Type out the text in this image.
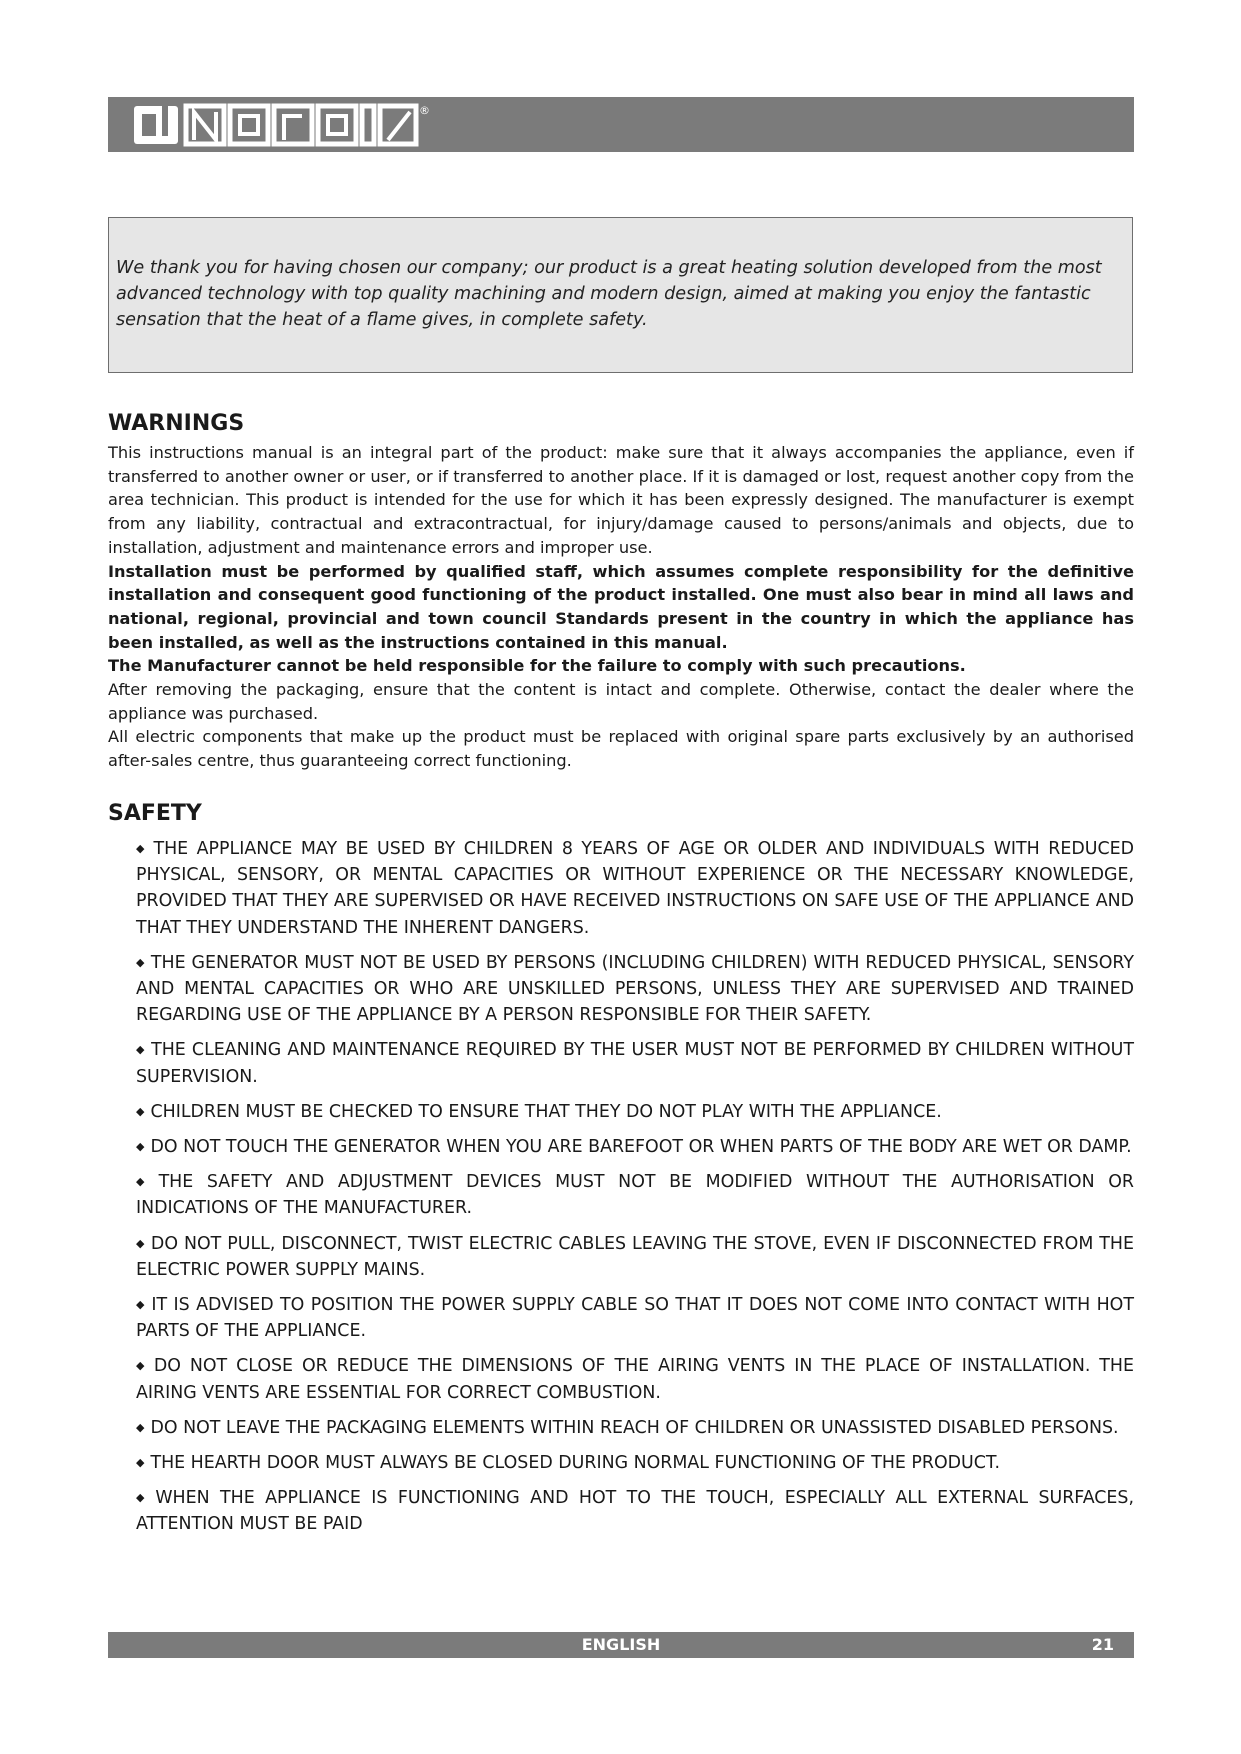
®
We thank you for having chosen our company; our product is a great heating solution developed from the most advanced technology with top quality machining and modern design, aimed at making you enjoy the fantastic sensation that the heat of a flame gives, in complete safety.
WARNINGS

This instructions manual is an integral part of the product: make sure that it always accompanies the appliance, even if transferred to another owner or user, or if transferred to another place. If it is damaged or lost, request another copy from the area technician. This product is intended for the use for which it has been expressly designed. The manufacturer is exempt from any liability, contractual and extracontractual, for injury/damage caused to persons/animals and objects, due to installation, adjustment and maintenance errors and improper use.

Installation must be performed by qualified staff, which assumes complete responsibility for the definitive installation and consequent good functioning of the product installed. One must also bear in mind all laws and national, regional, provincial and town council Standards present in the country in which the appliance has been installed, as well as the instructions contained in this manual.

The Manufacturer cannot be held responsible for the failure to comply with such precautions.

After removing the packaging, ensure that the content is intact and complete. Otherwise, contact the dealer where the appliance was purchased.

All electric components that make up the product must be replaced with original spare parts exclusively by an authorised after-sales centre, thus guaranteeing correct functioning.

SAFETY
◆ THE APPLIANCE MAY BE USED BY CHILDREN 8 YEARS OF AGE OR OLDER AND INDIVIDUALS WITH REDUCED PHYSICAL, SENSORY, OR MENTAL CAPACITIES OR WITHOUT EXPERIENCE OR THE NECESSARY KNOWLEDGE, PROVIDED THAT THEY ARE SUPERVISED OR HAVE RECEIVED INSTRUCTIONS ON SAFE USE OF THE APPLIANCE AND THAT THEY UNDERSTAND THE INHERENT DANGERS.
◆ THE GENERATOR MUST NOT BE USED BY PERSONS (INCLUDING CHILDREN) WITH REDUCED PHYSICAL, SENSORY AND MENTAL CAPACITIES OR WHO ARE UNSKILLED PERSONS, UNLESS THEY ARE SUPERVISED AND TRAINED REGARDING USE OF THE APPLIANCE BY A PERSON RESPONSIBLE FOR THEIR SAFETY.
◆ THE CLEANING AND MAINTENANCE REQUIRED BY THE USER MUST NOT BE PERFORMED BY CHILDREN WITHOUT SUPERVISION.
◆ CHILDREN MUST BE CHECKED TO ENSURE THAT THEY DO NOT PLAY WITH THE APPLIANCE.
◆ DO NOT TOUCH THE GENERATOR WHEN YOU ARE BAREFOOT OR WHEN PARTS OF THE BODY ARE WET OR DAMP.
◆ THE SAFETY AND ADJUSTMENT DEVICES MUST NOT BE MODIFIED WITHOUT THE AUTHORISATION OR INDICATIONS OF THE MANUFACTURER.
◆ DO NOT PULL, DISCONNECT, TWIST ELECTRIC CABLES LEAVING THE STOVE, EVEN IF DISCONNECTED FROM THE ELECTRIC POWER SUPPLY MAINS.
◆ IT IS ADVISED TO POSITION THE POWER SUPPLY CABLE SO THAT IT DOES NOT COME INTO CONTACT WITH HOT PARTS OF THE APPLIANCE.
◆ DO NOT CLOSE OR REDUCE THE DIMENSIONS OF THE AIRING VENTS IN THE PLACE OF INSTALLATION. THE AIRING VENTS ARE ESSENTIAL FOR CORRECT COMBUSTION.
◆ DO NOT LEAVE THE PACKAGING ELEMENTS WITHIN REACH OF CHILDREN OR UNASSISTED DISABLED PERSONS.
◆ THE HEARTH DOOR MUST ALWAYS BE CLOSED DURING NORMAL FUNCTIONING OF THE PRODUCT.
◆ WHEN THE APPLIANCE IS FUNCTIONING AND HOT TO THE TOUCH, ESPECIALLY ALL EXTERNAL SURFACES, ATTENTION MUST BE PAID
ENGLISH	21
